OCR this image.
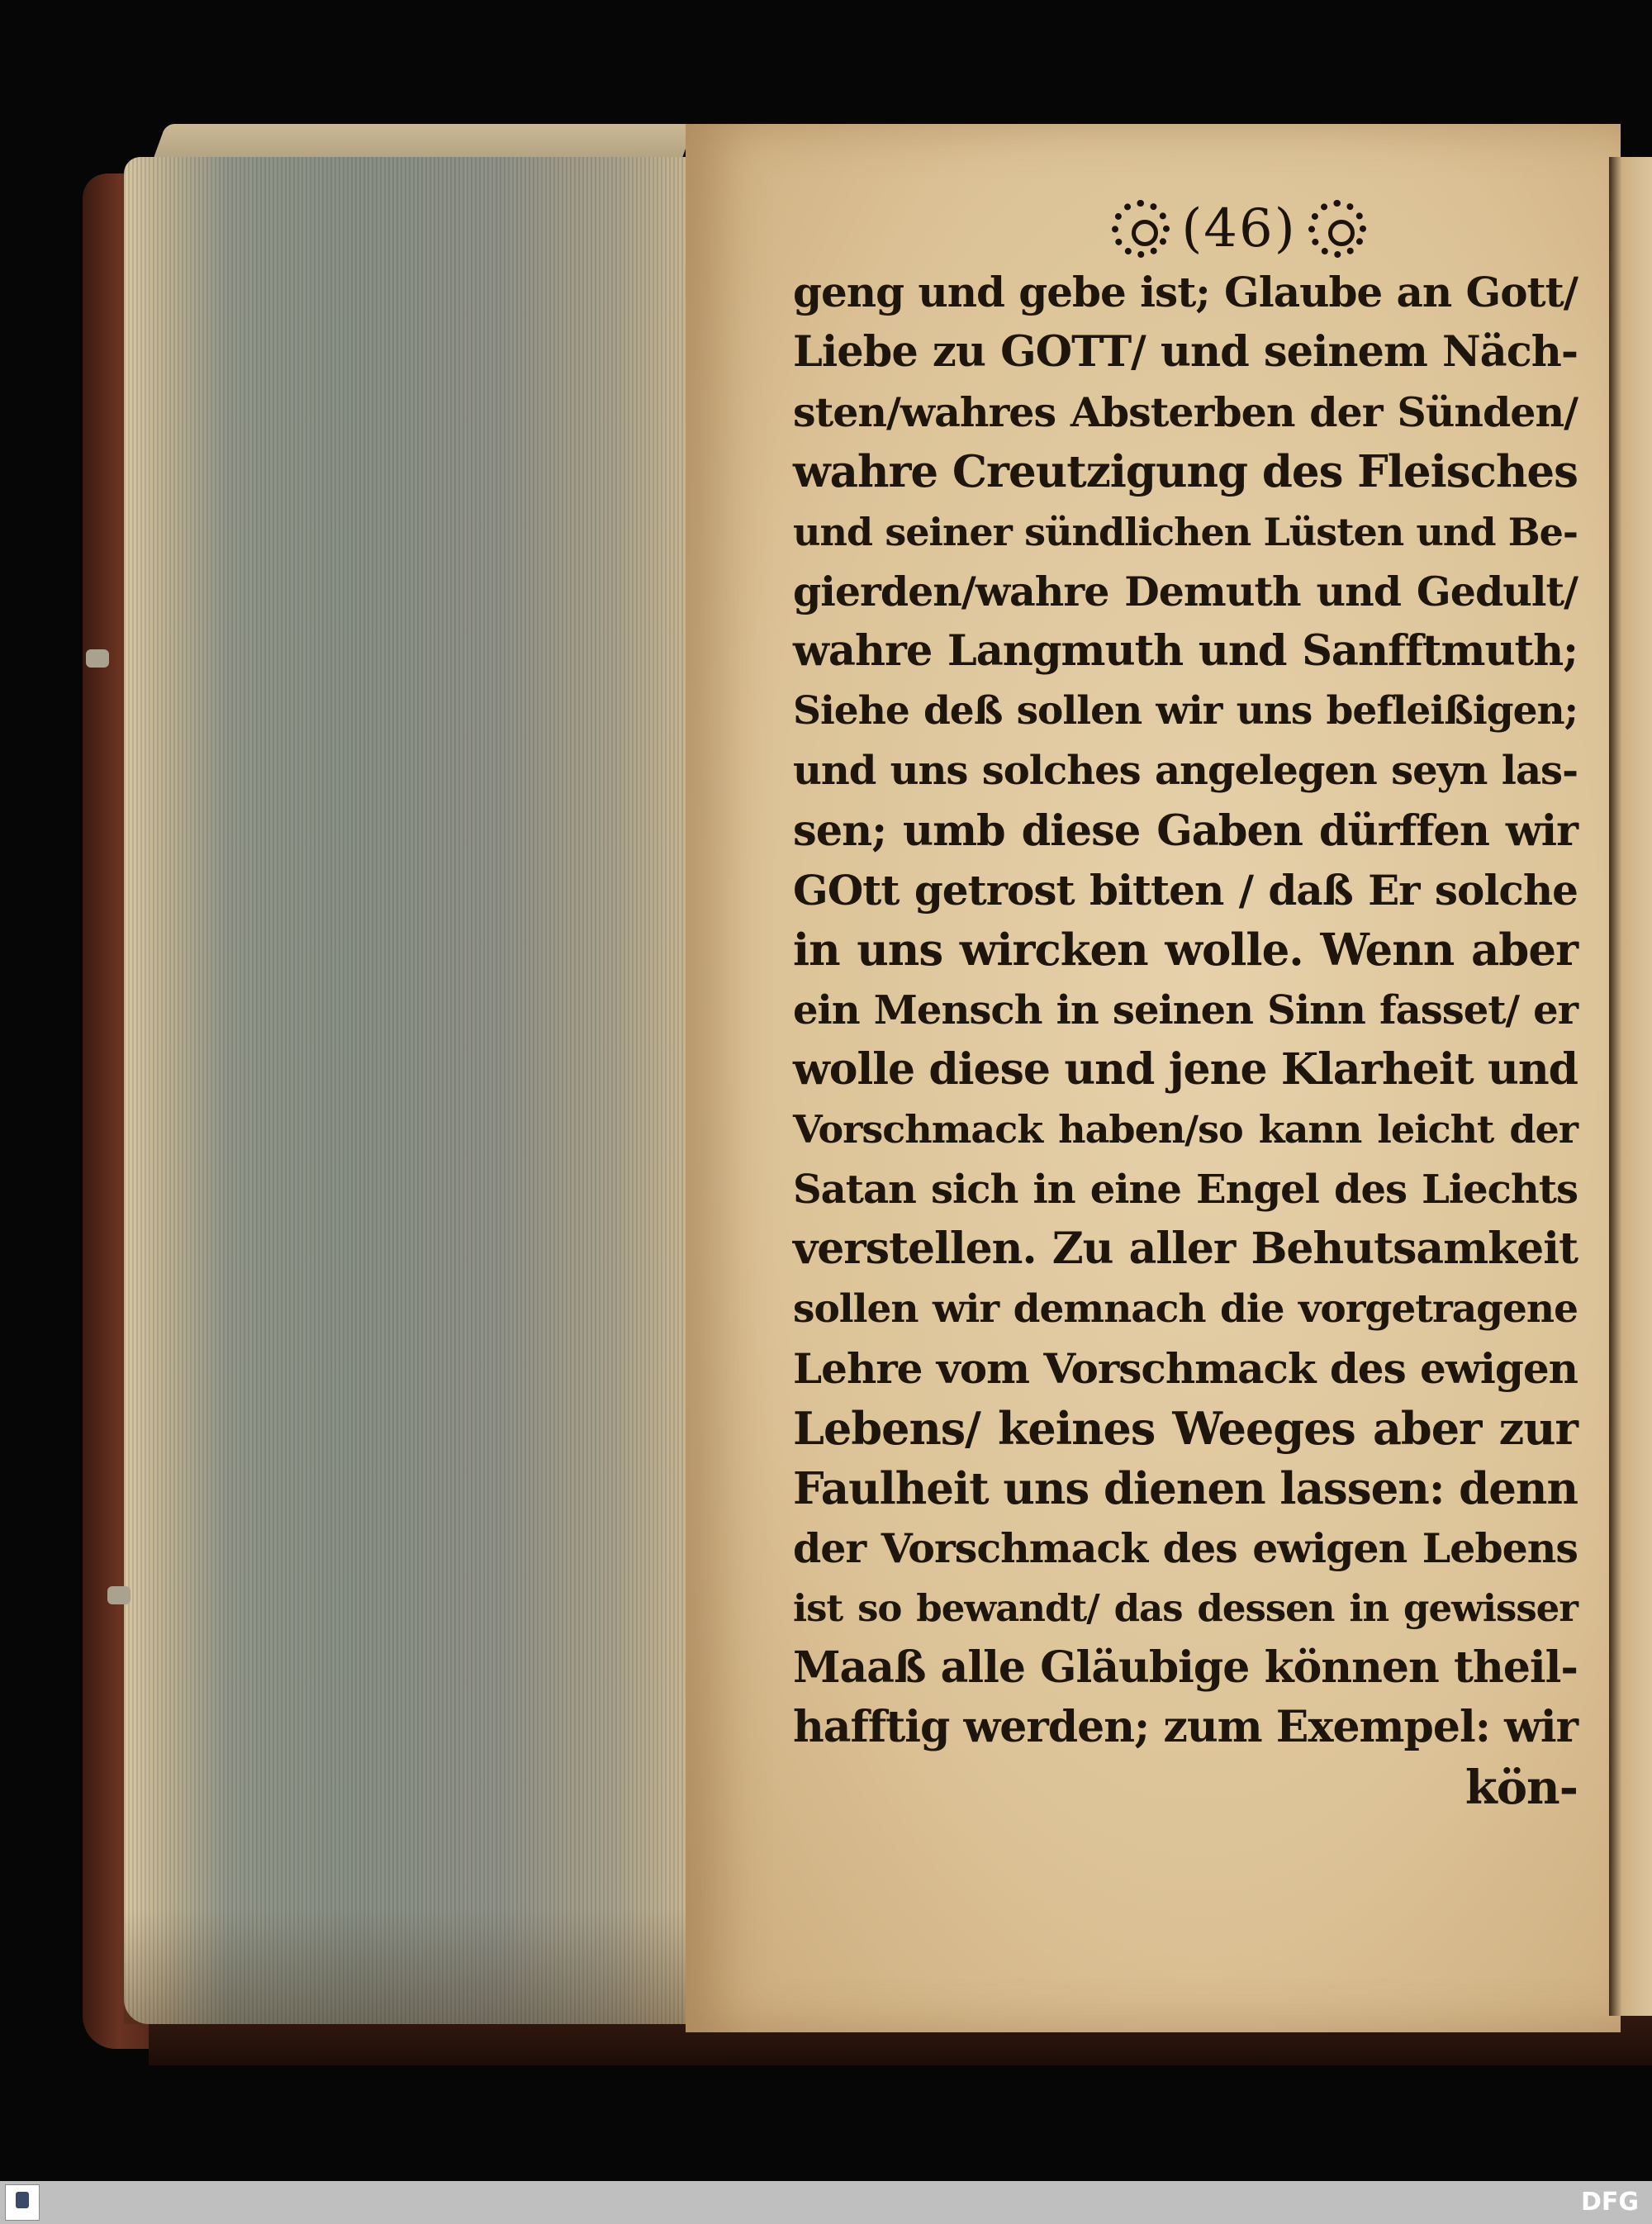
(46)
geng und gebe ist; Glaube an Gott/
Liebe zu GOTT/ und seinem Näch-
sten/wahres Absterben der Sünden/
wahre Creutzigung des Fleisches
und seiner sündlichen Lüsten und Be-
gierden/wahre Demuth und Gedult/
wahre Langmuth und Sanfftmuth;
Siehe deß sollen wir uns befleißigen;
und uns solches angelegen seyn las-
sen; umb diese Gaben dürffen wir
GOtt getrost bitten / daß Er solche
in uns wircken wolle. Wenn aber
ein Mensch in seinen Sinn fasset/ er
wolle diese und jene Klarheit und
Vorschmack haben/so kann leicht der
Satan sich in eine Engel des Liechts
verstellen. Zu aller Behutsamkeit
sollen wir demnach die vorgetragene
Lehre vom Vorschmack des ewigen
Lebens/ keines Weeges aber zur
Faulheit uns dienen lassen: denn
der Vorschmack des ewigen Lebens
ist so bewandt/ das dessen in gewisser
Maaß alle Gläubige können theil-
hafftig werden; zum Exempel: wir
kön-
DFG
